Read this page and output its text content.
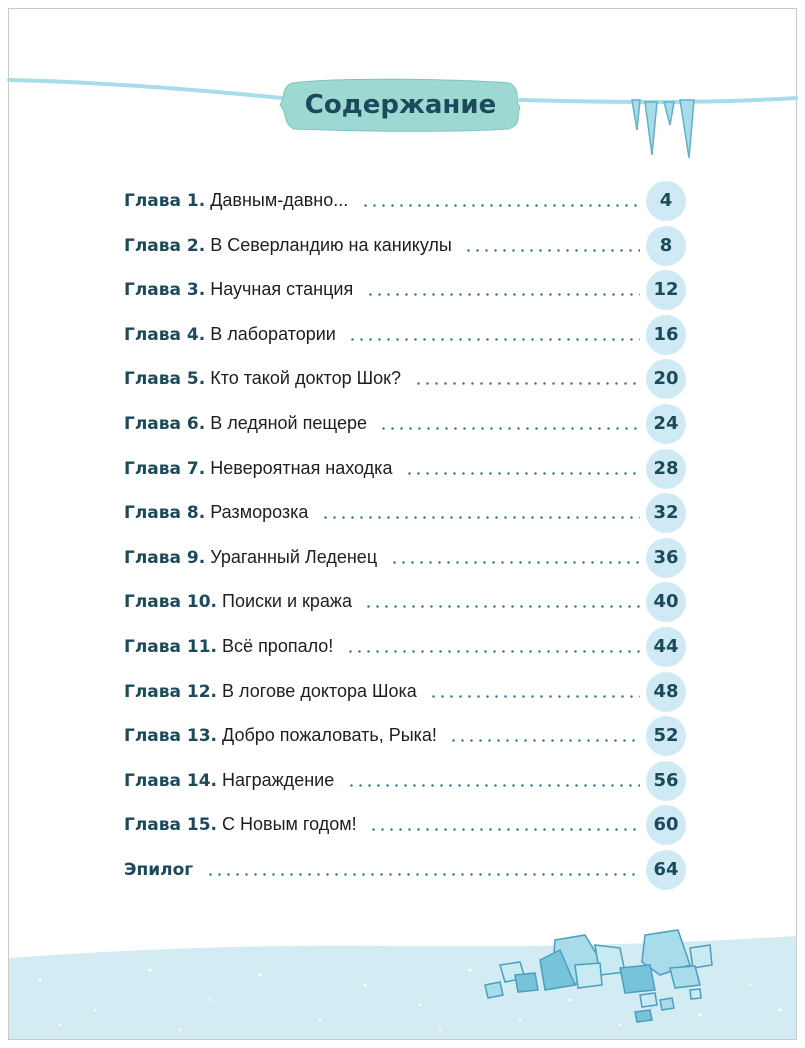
Содержание
Глава 1. Давным-давно...	4
Глава 2. В Северландию на каникулы	8
Глава 3. Научная станция	12
Глава 4. В лаборатории	16
Глава 5. Кто такой доктор Шок?	20
Глава 6. В ледяной пещере	24
Глава 7. Невероятная находка	28
Глава 8. Разморозка	32
Глава 9. Ураганный Леденец	36
Глава 10. Поиски и кража	40
Глава 11. Всё пропало!	44
Глава 12. В логове доктора Шока	48
Глава 13. Добро пожаловать, Рыка!	52
Глава 14. Награждение	56
Глава 15. С Новым годом!	60
Эпилог	64
